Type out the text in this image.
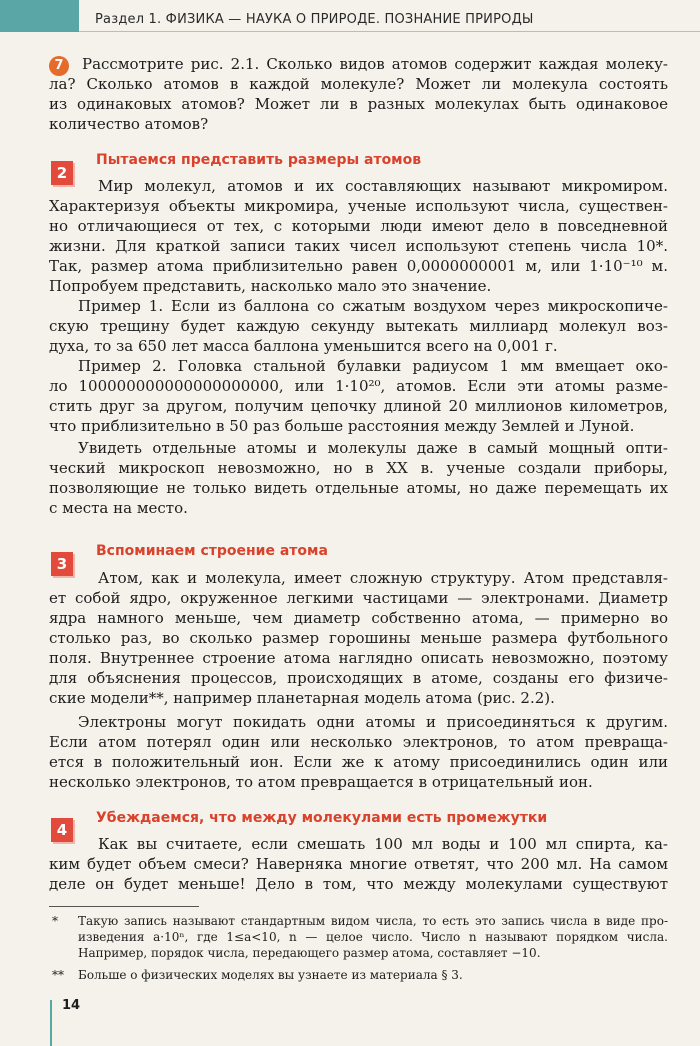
Раздел 1. ФИЗИКА — НАУКА О ПРИРОДЕ. ПОЗНАНИЕ ПРИРОДЫ
7	Рассмотрите рис. 2.1. Сколько видов атомов содержит каждая молеку-
ла? Сколько атомов в каждой молекуле? Может ли молекула состоять
из одинаковых атомов? Может ли в разных молекулах быть одинаковое
количество атомов?
2
Пытаемся представить размеры атомов
Мир молекул, атомов и их составляющих называют микромиром.
Характеризуя объекты микромира, ученые используют числа, существен-
но отличающиеся от тех, с которыми люди имеют дело в повседневной
жизни. Для краткой записи таких чисел используют степень числа 10*.
Так, размер атома приблизительно равен 0,0000000001 м, или 1·10⁻¹⁰ м.
Попробуем представить, насколько мало это значение.
Пример 1. Если из баллона со сжатым воздухом через микроскопиче-
скую трещину будет каждую секунду вытекать миллиард молекул воз-
духа, то за 650 лет масса баллона уменьшится всего на 0,001 г.
Пример 2. Головка стальной булавки радиусом 1 мм вмещает око-
ло 100000000000000000000, или 1·10²⁰, атомов. Если эти атомы разме-
стить друг за другом, получим цепочку длиной 20 миллионов километров,
что приблизительно в 50 раз больше расстояния между Землей и Луной.
Увидеть отдельные атомы и молекулы даже в самый мощный опти-
ческий микроскоп невозможно, но в XX в. ученые создали приборы,
позволяющие не только видеть отдельные атомы, но даже перемещать их
с места на место.
3
Вспоминаем строение атома
Атом, как и молекула, имеет сложную структуру. Атом представля-
ет собой ядро, окруженное легкими частицами — электронами. Диаметр
ядра намного меньше, чем диаметр собственно атома, — примерно во
столько раз, во сколько размер горошины меньше размера футбольного
поля. Внутреннее строение атома наглядно описать невозможно, поэтому
для объяснения процессов, происходящих в атоме, созданы его физиче-
ские модели**, например планетарная модель атома (рис. 2.2).
Электроны могут покидать одни атомы и присоединяться к другим.
Если атом потерял один или несколько электронов, то атом превраща-
ется в положительный ион. Если же к атому присоединились один или
несколько электронов, то атом превращается в отрицательный ион.
4
Убеждаемся, что между молекулами есть промежутки
Как вы считаете, если смешать 100 мл воды и 100 мл спирта, ка-
ким будет объем смеси? Наверняка многие ответят, что 200 мл. На самом
деле он будет меньше! Дело в том, что между молекулами существуют
* Такую запись называют стандартным видом числа, то есть это запись числа в виде про-
изведения a·10ⁿ, где 1≤a<10, n — целое число. Число n называют порядком числа.
Например, порядок числа, передающего размер атома, составляет −10.
** Больше о физических моделях вы узнаете из материала § 3.
14
